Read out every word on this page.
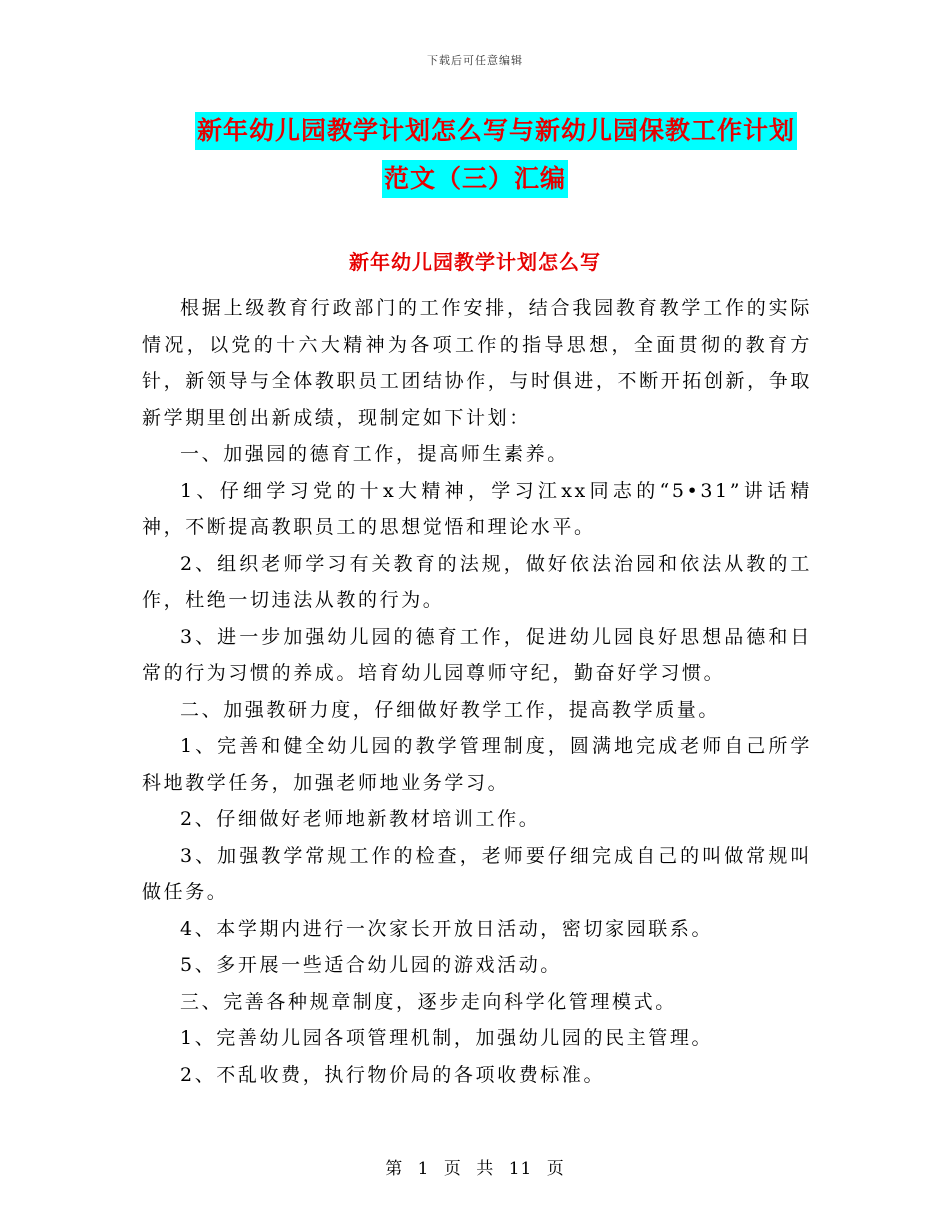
下载后可任意编辑
新年幼儿园教学计划怎么写与新幼儿园保教工作计划
范文（三）汇编
新年幼儿园教学计划怎么写

根据上级教育行政部门的工作安排，结合我园教育教学工作的实际情况，以党的十六大精神为各项工作的指导思想，全面贯彻的教育方针，新领导与全体教职员工团结协作，与时俱进，不断开拓创新，争取新学期里创出新成绩，现制定如下计划：

一、加强园的德育工作，提高师生素养。

1、仔细学习党的十x大精神，学习江xx同志的“5•31”讲话精神，不断提高教职员工的思想觉悟和理论水平。

2、组织老师学习有关教育的法规，做好依法治园和依法从教的工作，杜绝一切违法从教的行为。

3、进一步加强幼儿园的德育工作，促进幼儿园良好思想品德和日常的行为习惯的养成。培育幼儿园尊师守纪，勤奋好学习惯。

二、加强教研力度，仔细做好教学工作，提高教学质量。

1、完善和健全幼儿园的教学管理制度，圆满地完成老师自己所学科地教学任务，加强老师地业务学习。

2、仔细做好老师地新教材培训工作。

3、加强教学常规工作的检查，老师要仔细完成自己的叫做常规叫做任务。

4、本学期内进行一次家长开放日活动，密切家园联系。

5、多开展一些适合幼儿园的游戏活动。

三、完善各种规章制度，逐步走向科学化管理模式。

1、完善幼儿园各项管理机制，加强幼儿园的民主管理。

2、不乱收费，执行物价局的各项收费标准。

第 1 页 共 11 页
